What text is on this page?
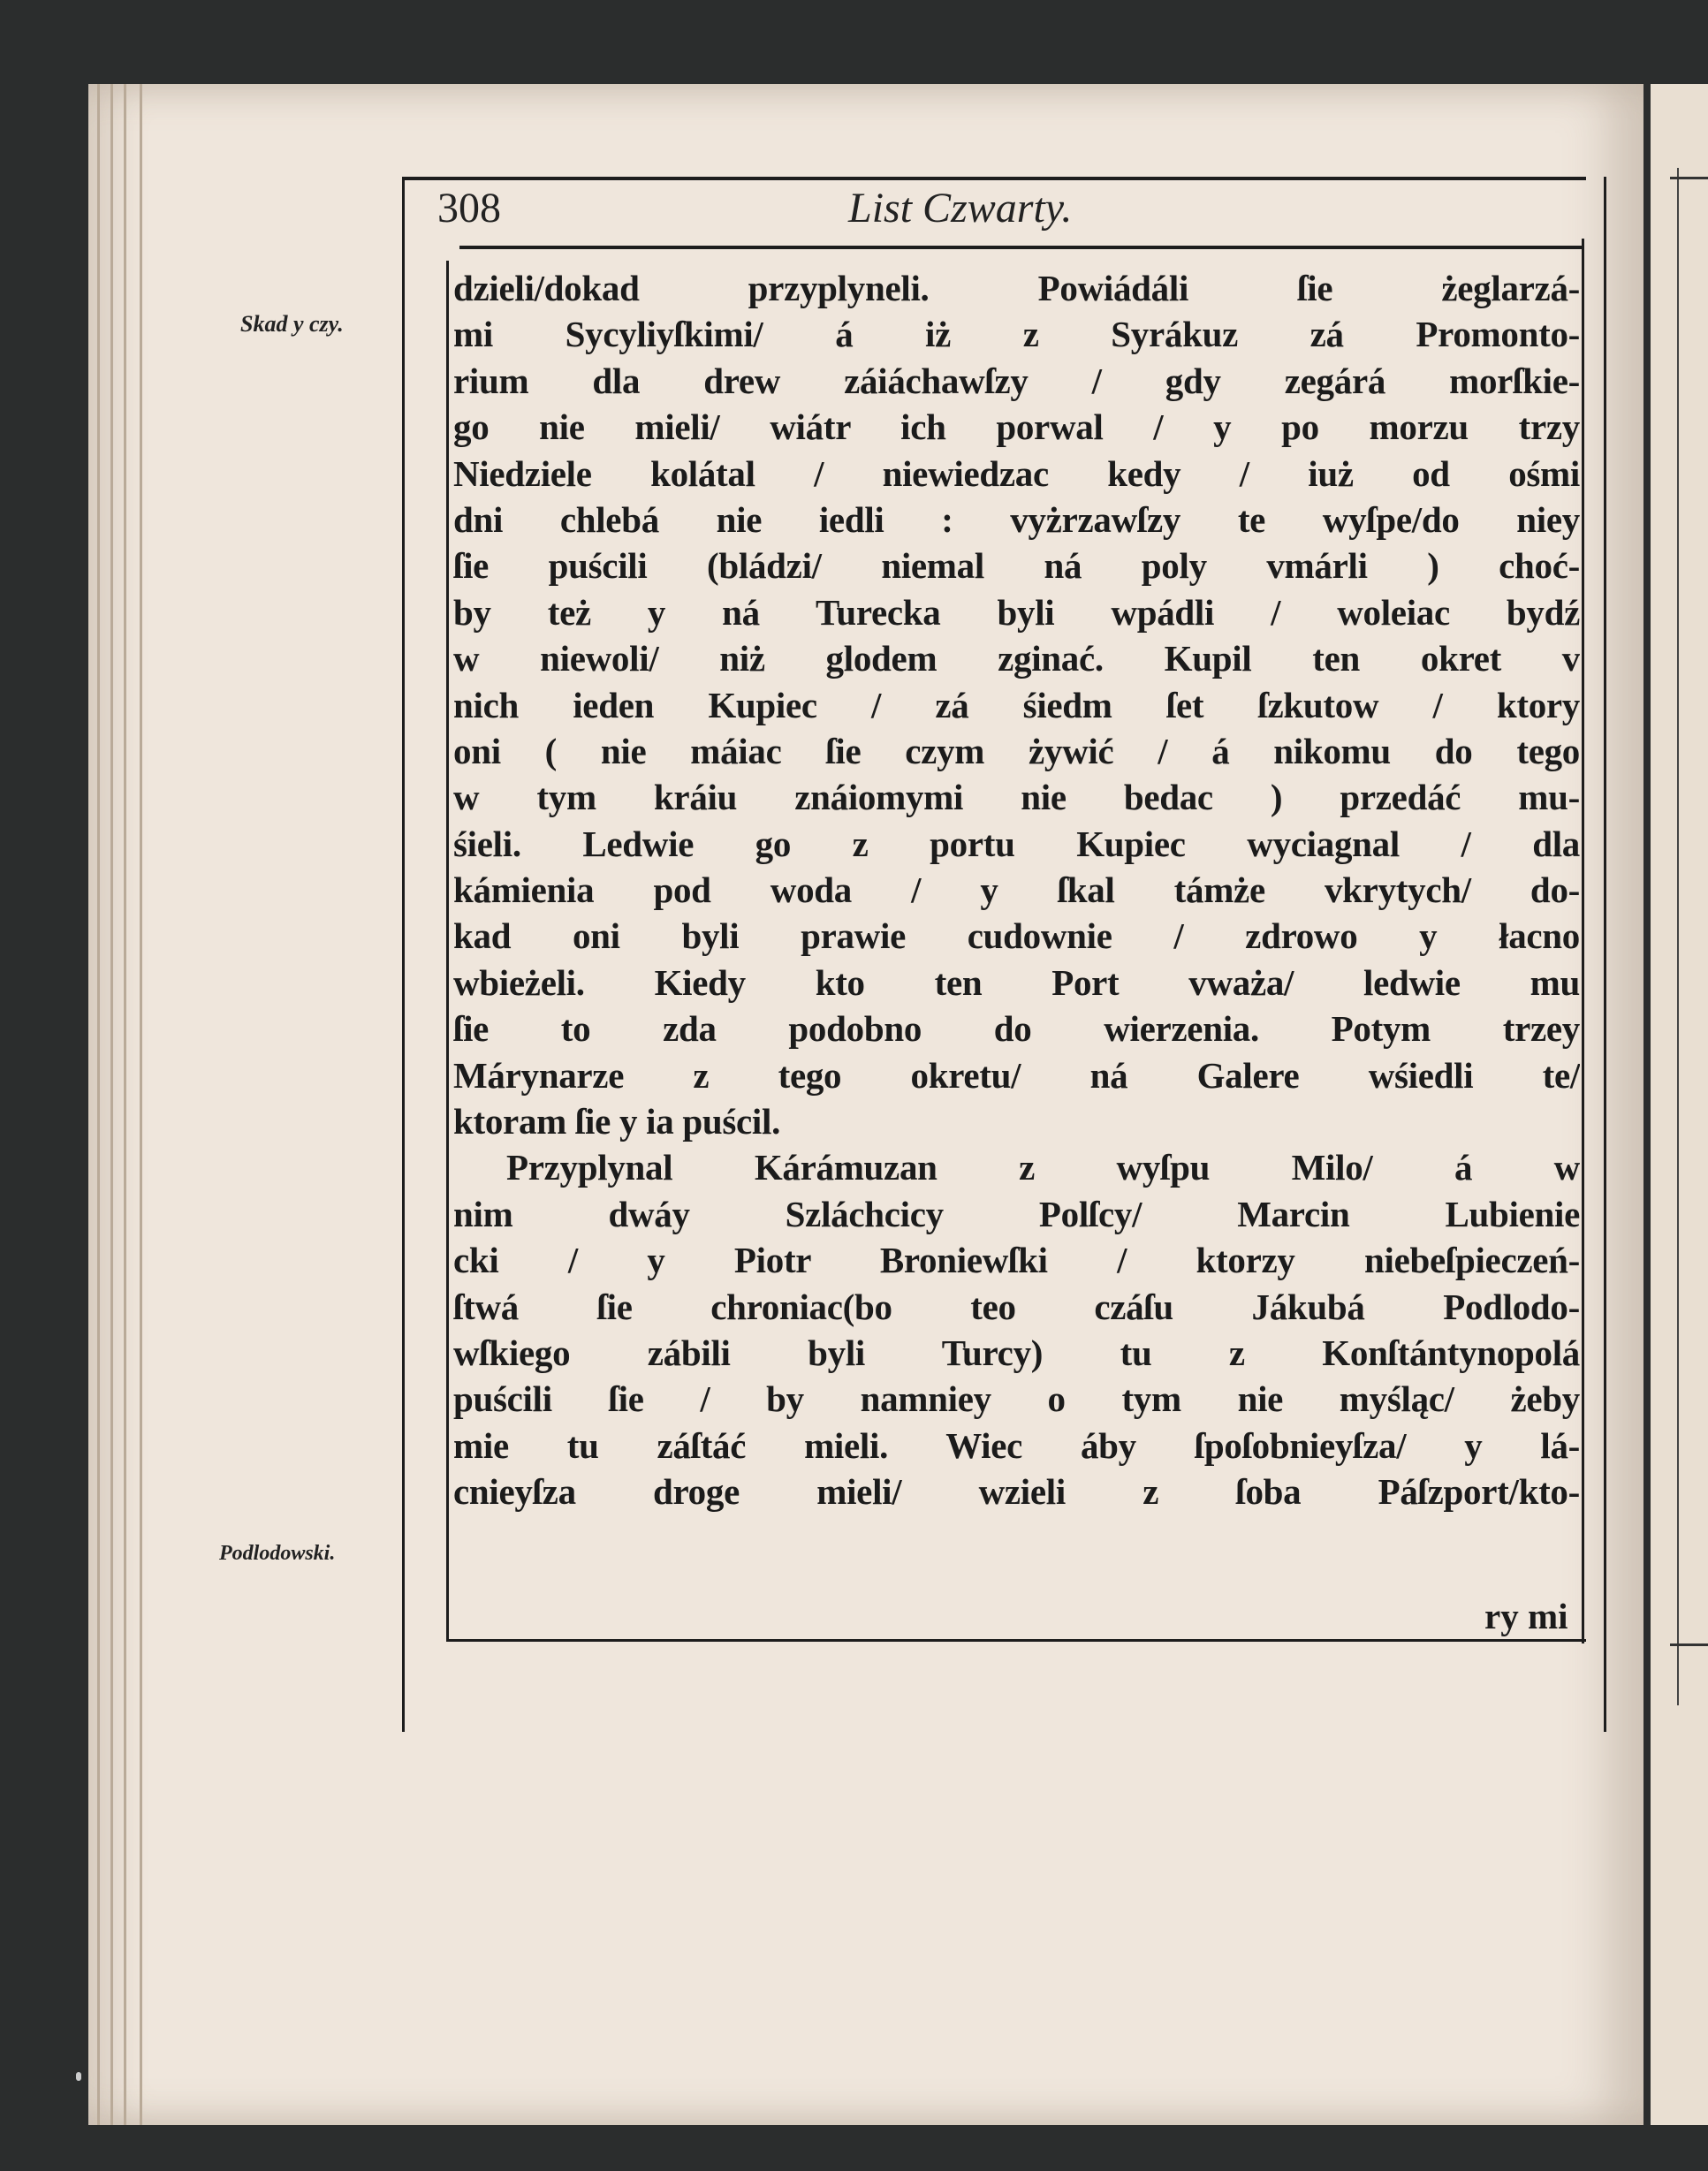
308	List Czwarty.
Skad y czy.
Podlodowski.
dzieli/dokad przyplyneli. Powiádáli ſie żeglarzá-
mi Sycyliyſkimi/ á iż z Syrákuz zá Promonto-
rium dla drew záiáchawſzy / gdy zegárá morſkie-
go nie mieli/ wiátr ich porwal / y po morzu trzy
Niedziele kolátal / niewiedzac kedy / iuż od ośmi
dni chlebá nie iedli : vyżrzawſzy te wyſpe/do niey
ſie puścili (bládzi/ niemal ná poly vmárli ) choć-
by też y ná Turecka byli wpádli / woleiac bydź
w niewoli/ niż glodem zginać. Kupil ten okret v
nich ieden Kupiec / zá śiedm ſet ſzkutow / ktory
oni ( nie máiac ſie czym żywić / á nikomu do tego
w tym kráiu znáiomymi nie bedac ) przedáć mu-
śieli. Ledwie go z portu Kupiec wyciagnal / dla
kámienia pod woda / y ſkal támże vkrytych/ do-
kad oni byli prawie cudownie / zdrowo y łacno
wbieżeli. Kiedy kto ten Port vważa/ ledwie mu
ſie to zda podobno do wierzenia. Potym trzey
Márynarze z tego okretu/ ná Galere wśiedli te/
ktoram ſie y ia puścil.
Przyplynal Kárámuzan z wyſpu Milo/ á w
nim dwáy Szláchcicy Polſcy/ Marcin Lubienie
cki / y Piotr Broniewſki / ktorzy niebeſpieczeń-
ſtwá ſie chroniac(bo teo czáſu Jákubá Podlodo-
wſkiego zábili byli Turcy) tu z Konſtántynopolá
puścili ſie / by namniey o tym nie myśląc/ żeby
mie tu záſtáć mieli. Wiec áby ſpoſobnieyſza/ y lá-
cnieyſza droge mieli/ wzieli z ſoba Páſzport/kto-
ry mi
